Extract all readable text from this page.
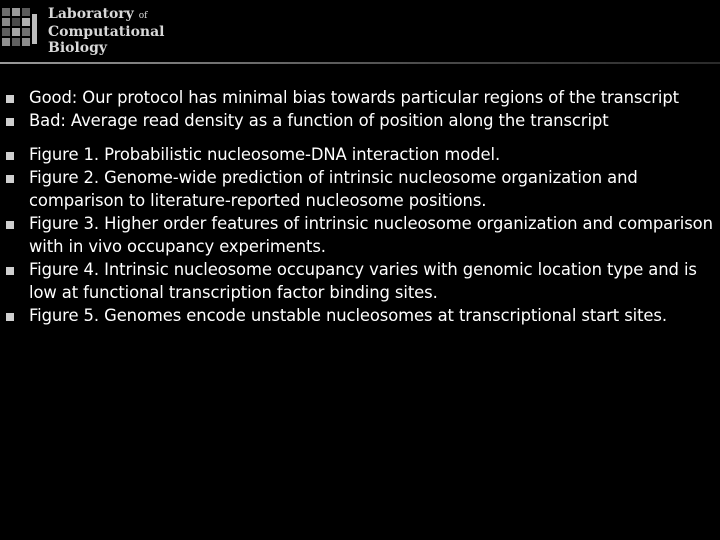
Laboratory of
Computational
Biology
Good: Our protocol has minimal bias towards particular regions of the transcript
Bad: Average read density as a function of position along the transcript
Figure 1. Probabilistic nucleosome-DNA interaction model.
Figure 2. Genome-wide prediction of intrinsic nucleosome organization and comparison to literature-reported nucleosome positions.
Figure 3. Higher order features of intrinsic nucleosome organization and comparison with in vivo occupancy experiments.
Figure 4. Intrinsic nucleosome occupancy varies with genomic location type and is low at functional transcription factor binding sites.
Figure 5. Genomes encode unstable nucleosomes at transcriptional start sites.
